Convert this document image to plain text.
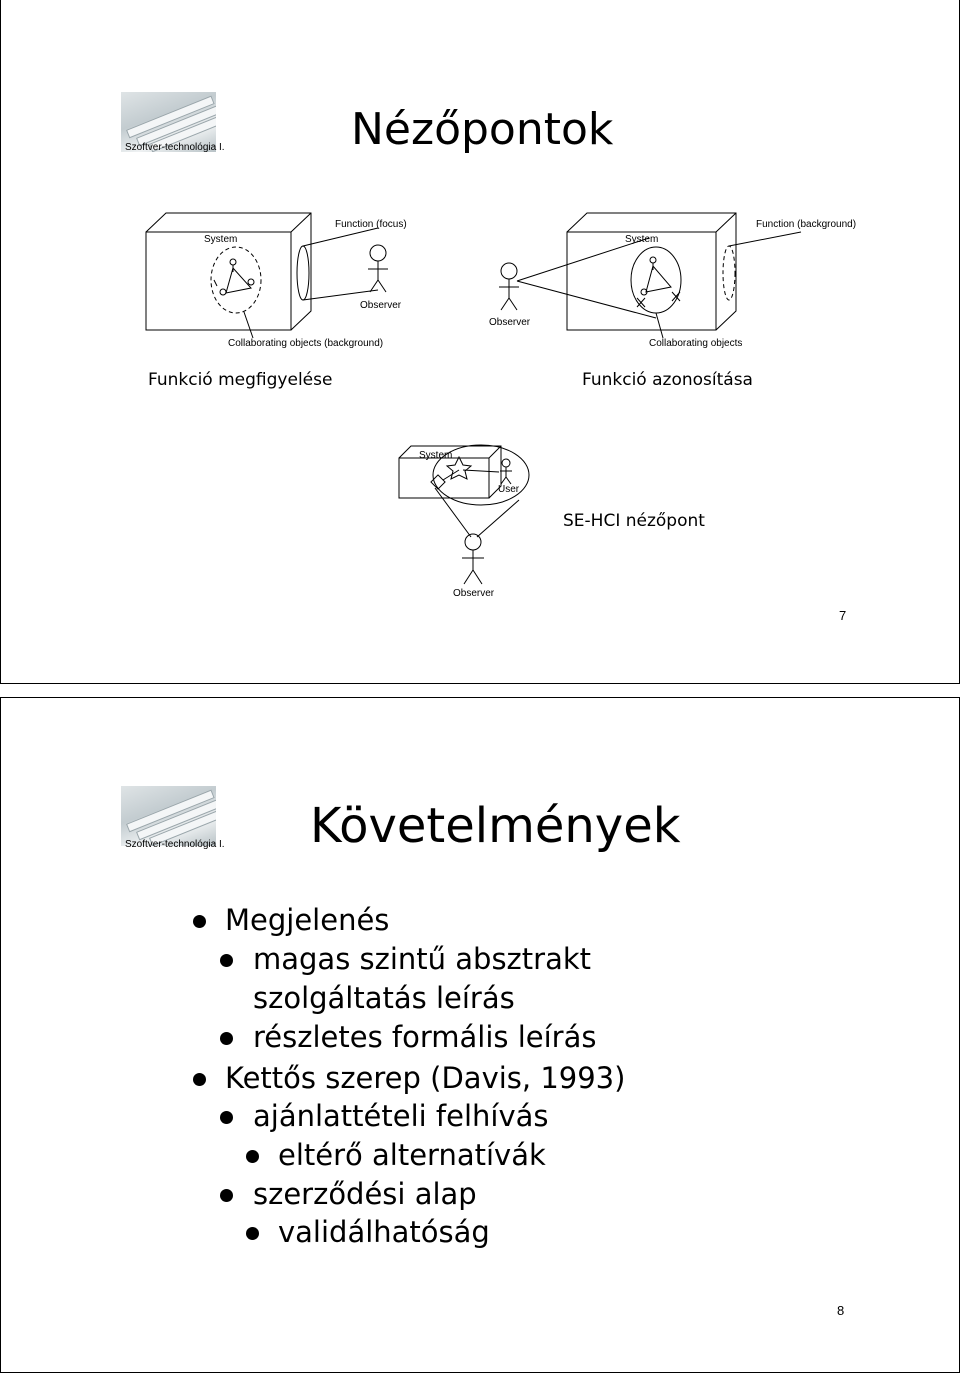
Szoftver-technológia I.	Nézőpontok
System
Function (focus)
Observer
Collaborating objects (background)
Funkció megfigyelése
Observer
System
Function (background)
Collaborating objects
Funkció azonosítása
System
User
Observer
SE-HCI nézőpont
7
Szoftver-technológia I.
8
Követelmények
Megjelenés
magas szintű absztrakt
szolgáltatás leírás
részletes formális leírás
Kettős szerep (Davis, 1993)
ajánlattételi felhívás
eltérő alternatívák
szerződési alap
validálhatóság
